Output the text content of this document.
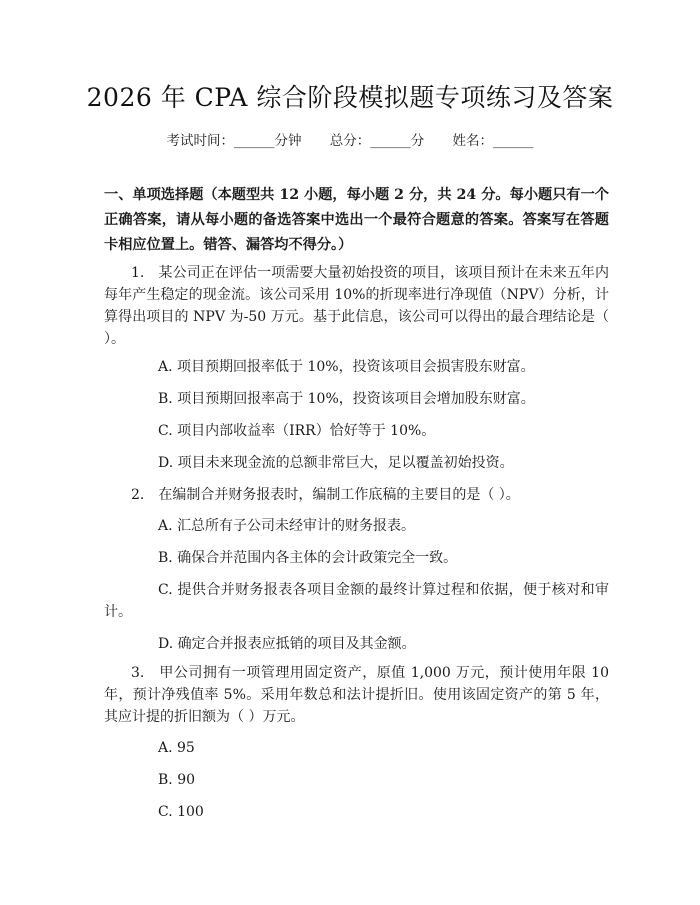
2026 年 CPA 综合阶段模拟题专项练习及答案
考试时间：______分钟 总分：______分 姓名：______
一、单项选择题（本题型共 12 小题，每小题 2 分，共 24 分。每小题只有一个正确答案，请从每小题的备选答案中选出一个最符合题意的答案。答案写在答题卡相应位置上。错答、漏答均不得分。）
1.　某公司正在评估一项需要大量初始投资的项目，该项目预计在未来五年内每年产生稳定的现金流。该公司采用 10%的折现率进行净现值（NPV）分析，计算得出项目的 NPV 为-50 万元。基于此信息，该公司可以得出的最合理结论是（ ）。
A. 项目预期回报率低于 10%，投资该项目会损害股东财富。
B. 项目预期回报率高于 10%，投资该项目会增加股东财富。
C. 项目内部收益率（IRR）恰好等于 10%。
D. 项目未来现金流的总额非常巨大，足以覆盖初始投资。
2.　在编制合并财务报表时，编制工作底稿的主要目的是（ ）。
A. 汇总所有子公司未经审计的财务报表。
B. 确保合并范围内各主体的会计政策完全一致。
C. 提供合并财务报表各项目金额的最终计算过程和依据，便于核对和审计。
D. 确定合并报表应抵销的项目及其金额。
3.　甲公司拥有一项管理用固定资产，原值 1,000 万元，预计使用年限 10 年，预计净残值率 5%。采用年数总和法计提折旧。使用该固定资产的第 5 年，其应计提的折旧额为（ ）万元。
A. 95
B. 90
C. 100
